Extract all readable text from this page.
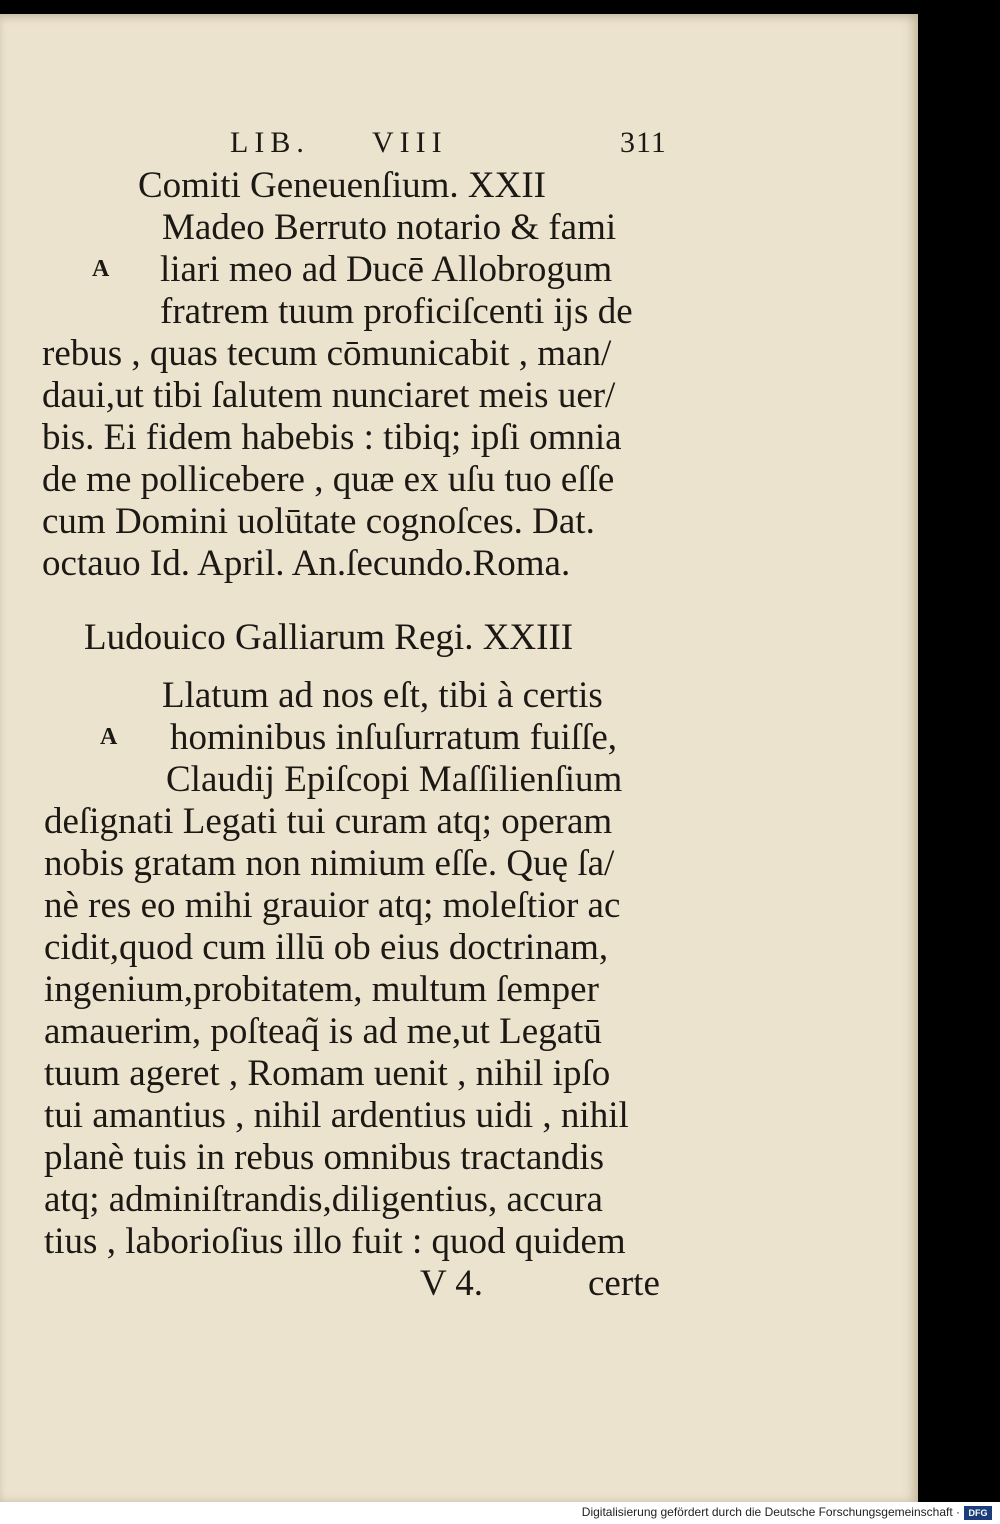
LIB. VIII	311

Comiti Geneuenſium. XXII

Madeo Berruto notario & fami

A liari meo ad Ducē Allobrogum

fratrem tuum proficiſcenti ijs de

rebus , quas tecum cōmunicabit , man/

daui,ut tibi ſalutem nunciaret meis uer/

bis. Ei fidem habebis : tibiq; ipſi omnia

de me pollicebere , quæ ex uſu tuo eſſe

cum Domini uolūtate cognoſces. Dat.

octauo Id. April. An.ſecundo.Roma.

Ludouico Galliarum Regi. XXIII

Llatum ad nos eſt, tibi à certis

A hominibus inſuſurratum fuiſſe,

Claudij Epiſcopi Maſſilienſium

deſignati Legati tui curam atq; operam

nobis gratam non nimium eſſe. Quę ſa/

nè res eo mihi grauior atq; moleſtior ac

cidit,quod cum illū ob eius doctrinam,

ingenium,probitatem, multum ſemper

amauerim, poſteaq̃ is ad me,ut Legatū

tuum ageret , Romam uenit , nihil ipſo

tui amantius , nihil ardentius uidi , nihil

planè tuis in rebus omnibus tractandis

atq; adminiſtrandis,diligentius, accura

tius , laborioſius illo fuit : quod quidem

V 4.	certe

Digitalisierung gefördert durch die Deutsche Forschungsgemeinschaft · DFG
